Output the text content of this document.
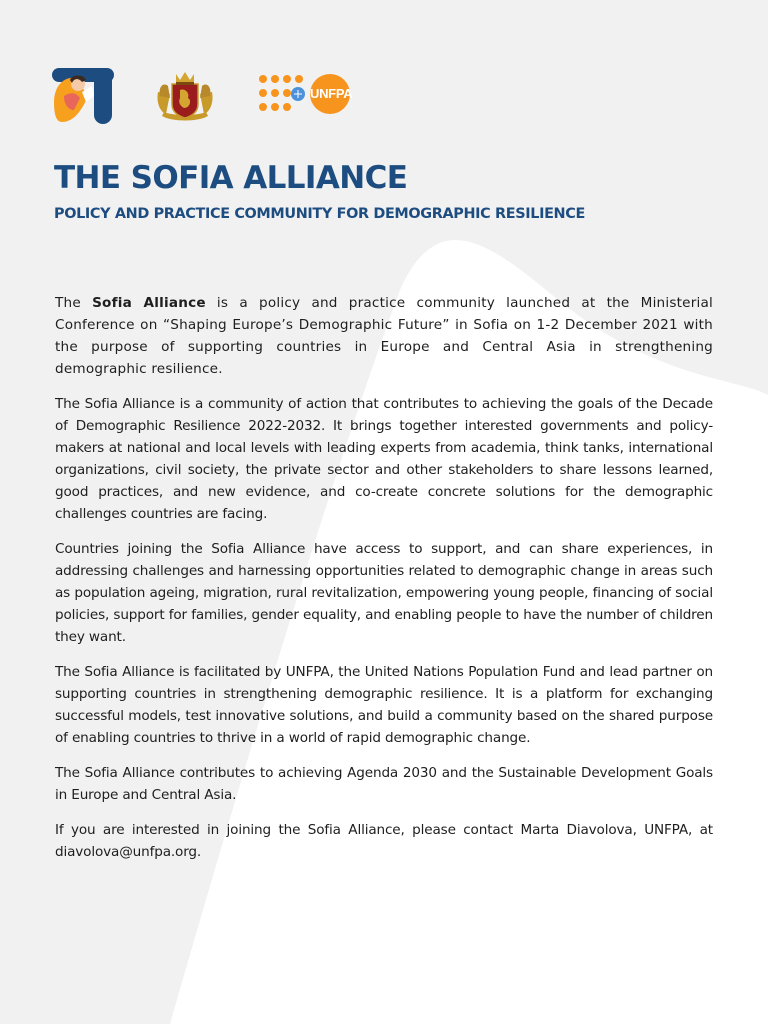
UNFPA
THE SOFIA ALLIANCE
POLICY AND PRACTICE COMMUNITY FOR DEMOGRAPHIC RESILIENCE

The Sofia Alliance is a policy and practice community launched at the Ministerial Conference on “Shaping Europe’s Demographic Future” in Sofia on 1-2 December 2021 with the purpose of supporting countries in Europe and Central Asia in strengthening demographic resilience.

The Sofia Alliance is a community of action that contributes to achieving the goals of the Decade of Demographic Resilience 2022-2032. It brings together interested governments and policy-makers at national and local levels with leading experts from academia, think tanks, international organizations, civil society, the private sector and other stakeholders to share lessons learned, good practices, and new evidence, and co-create concrete solutions for the demographic challenges countries are facing.

Countries joining the Sofia Alliance have access to support, and can share experiences, in addressing challenges and harnessing opportunities related to demographic change in areas such as population ageing, migration, rural revitalization, empowering young people, financing of social policies, support for families, gender equality, and enabling people to have the number of children they want.

The Sofia Alliance is facilitated by UNFPA, the United Nations Population Fund and lead partner on supporting countries in strengthening demographic resilience. It is a platform for exchanging successful models, test innovative solutions, and build a community based on the shared purpose of enabling countries to thrive in a world of rapid demographic change.

The Sofia Alliance contributes to achieving Agenda 2030 and the Sustainable Development Goals in Europe and Central Asia.

If you are interested in joining the Sofia Alliance, please contact Marta Diavolova, UNFPA, at diavolova@unfpa.org.
